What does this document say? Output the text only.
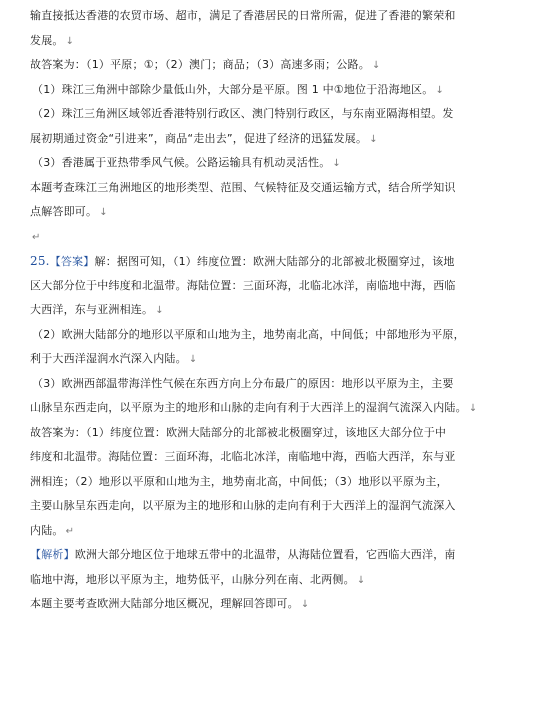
输直接抵达香港的农贸市场、超市，满足了香港居民的日常所需，促进了香港的繁荣和
发展。 ↓
故答案为：（1）平原；①；（2）澳门；商品；（3）高速多雨；公路。 ↓
（1）珠江三角洲中部除少量低山外，大部分是平原。图 1 中①地位于沿海地区。 ↓
（2）珠江三角洲区域邻近香港特别行政区、澳门特别行政区，与东南亚隔海相望。发
展初期通过资金“引进来”，商品“走出去”，促进了经济的迅猛发展。 ↓
（3）香港属于亚热带季风气候。公路运输具有机动灵活性。 ↓
本题考查珠江三角洲地区的地形类型、范围、气候特征及交通运输方式，结合所学知识
点解答即可。 ↓
↵
25.【答案】解：据图可知，（1）纬度位置：欧洲大陆部分的北部被北极圈穿过，该地
区大部分位于中纬度和北温带。海陆位置：三面环海，北临北冰洋，南临地中海，西临
大西洋，东与亚洲相连。 ↓
（2）欧洲大陆部分的地形以平原和山地为主，地势南北高，中间低；中部地形为平原，
利于大西洋湿润水汽深入内陆。 ↓
（3）欧洲西部温带海洋性气候在东西方向上分布最广的原因：地形以平原为主，主要
山脉呈东西走向，以平原为主的地形和山脉的走向有利于大西洋上的湿润气流深入内陆。 ↓
故答案为：（1）纬度位置：欧洲大陆部分的北部被北极圈穿过，该地区大部分位于中
纬度和北温带。海陆位置：三面环海，北临北冰洋，南临地中海，西临大西洋，东与亚
洲相连；（2）地形以平原和山地为主，地势南北高，中间低；（3）地形以平原为主，
主要山脉呈东西走向，以平原为主的地形和山脉的走向有利于大西洋上的湿润气流深入
内陆。 ↵
【解析】欧洲大部分地区位于地球五带中的北温带，从海陆位置看，它西临大西洋，南
临地中海，地形以平原为主，地势低平，山脉分列在南、北两侧。 ↓
本题主要考查欧洲大陆部分地区概况，理解回答即可。 ↓
